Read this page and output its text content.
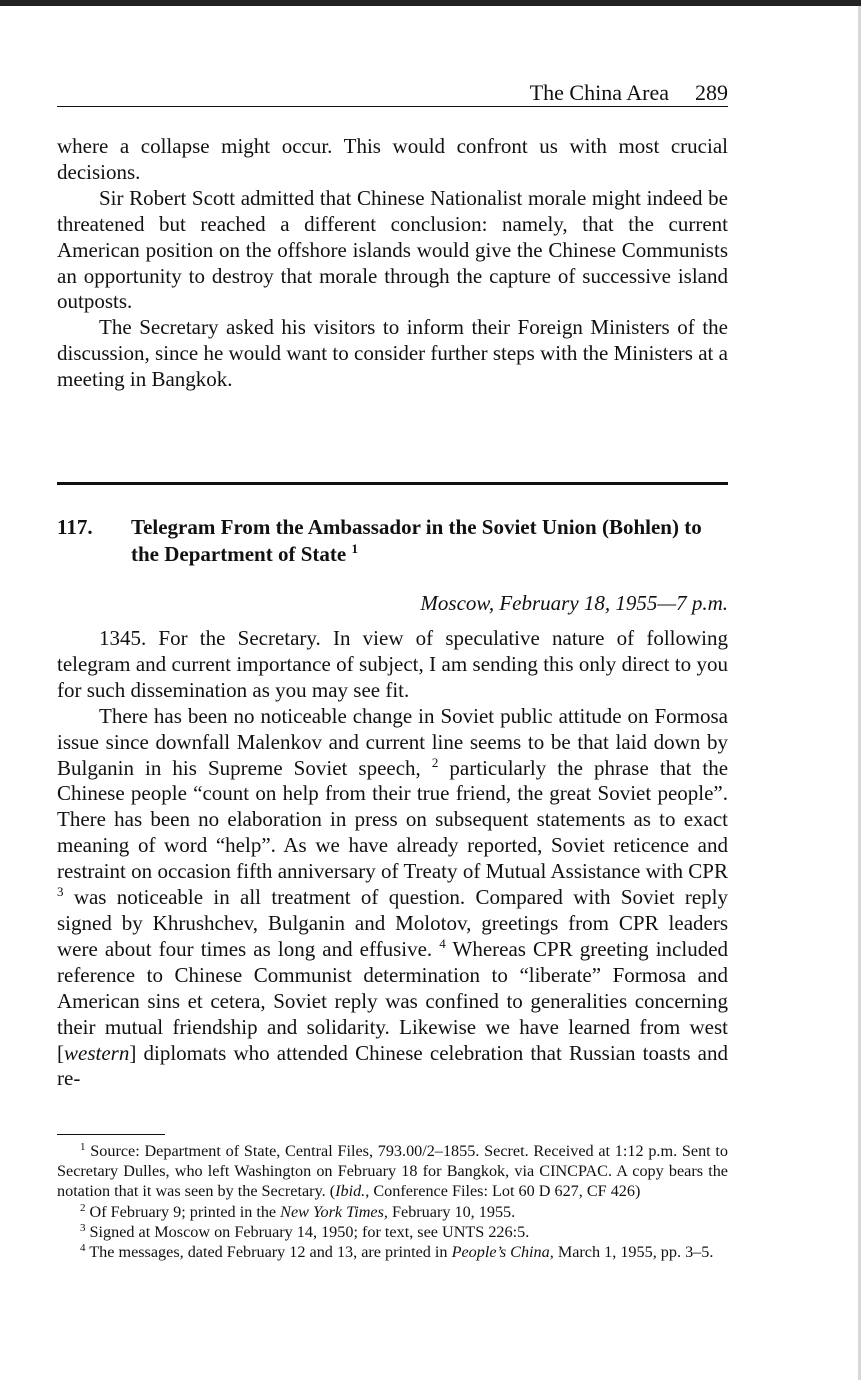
The China Area 289

where a collapse might occur. This would confront us with most crucial decisions.

Sir Robert Scott admitted that Chinese Nationalist morale might indeed be threatened but reached a different conclusion: namely, that the current American position on the offshore islands would give the Chinese Communists an opportunity to destroy that morale through the capture of successive island outposts.

The Secretary asked his visitors to inform their Foreign Ministers of the discussion, since he would want to consider further steps with the Ministers at a meeting in Bangkok.

117. Telegram From the Ambassador in the Soviet Union (Bohlen) to the Department of State $^1$
Moscow, February 18, 1955—7 p.m.

1345. For the Secretary. In view of speculative nature of following telegram and current importance of subject, I am sending this only direct to you for such dissemination as you may see fit.

There has been no noticeable change in Soviet public attitude on Formosa issue since downfall Malenkov and current line seems to be that laid down by Bulganin in his Supreme Soviet speech, $^2$ particularly the phrase that the Chinese people “count on help from their true friend, the great Soviet people”. There has been no elaboration in press on subsequent statements as to exact meaning of word “help”. As we have already reported, Soviet reticence and restraint on occasion fifth anniversary of Treaty of Mutual Assistance with CPR $^3$ was noticeable in all treatment of question. Compared with Soviet reply signed by Khrushchev, Bulganin and Molotov, greetings from CPR leaders were about four times as long and effusive. $^4$ Whereas CPR greeting included reference to Chinese Communist determination to “liberate” Formosa and American sins et cetera, Soviet reply was confined to generalities concerning their mutual friendship and solidarity. Likewise we have learned from west [western] diplomats who attended Chinese celebration that Russian toasts and re-

$^1$ Source: Department of State, Central Files, 793.00/2–1855. Secret. Received at 1:12 p.m. Sent to Secretary Dulles, who left Washington on February 18 for Bangkok, via CINCPAC. A copy bears the notation that it was seen by the Secretary. (Ibid., Conference Files: Lot 60 D 627, CF 426)

$^2$ Of February 9; printed in the New York Times, February 10, 1955.

$^3$ Signed at Moscow on February 14, 1950; for text, see UNTS 226:5.

$^4$ The messages, dated February 12 and 13, are printed in People’s China, March 1, 1955, pp. 3–5.
